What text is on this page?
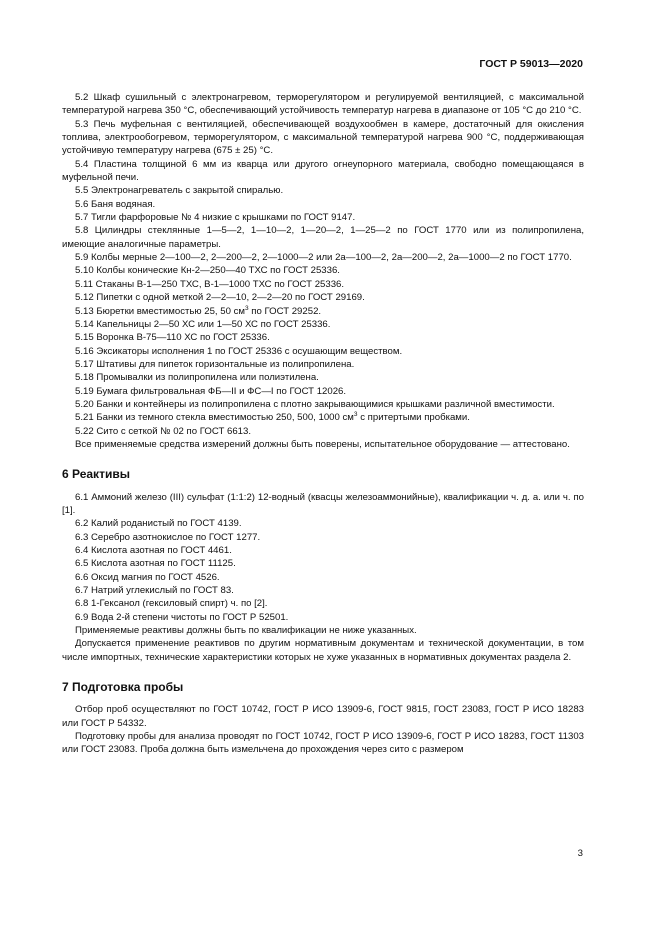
ГОСТ Р 59013—2020

5.2 Шкаф сушильный с электронагревом, терморегулятором и регулируемой вентиляцией, с максимальной температурой нагрева 350 °С, обеспечивающий устойчивость температур нагрева в диапазоне от 105 °С до 210 °С.

5.3 Печь муфельная с вентиляцией, обеспечивающей воздухообмен в камере, достаточный для окисления топлива, электрообогревом, терморегулятором, с максимальной температурой нагрева 900 °С, поддерживающая устойчивую температуру нагрева (675 ± 25) °С.

5.4 Пластина толщиной 6 мм из кварца или другого огнеупорного материала, свободно помещающаяся в муфельной печи.

5.5 Электронагреватель с закрытой спиралью.

5.6 Баня водяная.

5.7 Тигли фарфоровые № 4 низкие с крышками по ГОСТ 9147.

5.8 Цилиндры стеклянные 1—5—2, 1—10—2, 1—20—2, 1—25—2 по ГОСТ 1770 или из полипропилена, имеющие аналогичные параметры.

5.9 Колбы мерные 2—100—2, 2—200—2, 2—1000—2 или 2а—100—2, 2а—200—2, 2а—1000—2 по ГОСТ 1770.

5.10 Колбы конические Кн-2—250—40 ТХС по ГОСТ 25336.

5.11 Стаканы В-1—250 ТХС, В-1—1000 ТХС по ГОСТ 25336.

5.12 Пипетки с одной меткой 2—2—10, 2—2—20 по ГОСТ 29169.

5.13 Бюретки вместимостью 25, 50 $см^3$ по ГОСТ 29252.

5.14 Капельницы 2—50 ХС или 1—50 ХС по ГОСТ 25336.

5.15 Воронка В-75—110 ХС по ГОСТ 25336.

5.16 Эксикаторы исполнения 1 по ГОСТ 25336 с осушающим веществом.

5.17 Штативы для пипеток горизонтальные из полипропилена.

5.18 Промывалки из полипропилена или полиэтилена.

5.19 Бумага фильтровальная ФБ—II и ФС—I по ГОСТ 12026.

5.20 Банки и контейнеры из полипропилена с плотно закрывающимися крышками различной вместимости.

5.21 Банки из темного стекла вместимостью 250, 500, 1000 $см^3$ с притертыми пробками.

5.22 Сито с сеткой № 02 по ГОСТ 6613.

Все применяемые средства измерений должны быть поверены, испытательное оборудование — аттестовано.

6 Реактивы

6.1 Аммоний железо (III) сульфат (1:1:2) 12-водный (квасцы железоаммонийные), квалификации ч. д. а. или ч. по [1].

6.2 Калий роданистый по ГОСТ 4139.

6.3 Серебро азотнокислое по ГОСТ 1277.

6.4 Кислота азотная по ГОСТ 4461.

6.5 Кислота азотная по ГОСТ 11125.

6.6 Оксид магния по ГОСТ 4526.

6.7 Натрий углекислый по ГОСТ 83.

6.8 1-Гексанол (гексиловый спирт) ч. по [2].

6.9 Вода 2-й степени чистоты по ГОСТ Р 52501.

Применяемые реактивы должны быть по квалификации не ниже указанных.

Допускается применение реактивов по другим нормативным документам и технической документации, в том числе импортных, технические характеристики которых не хуже указанных в нормативных документах раздела 2.

7 Подготовка пробы

Отбор проб осуществляют по ГОСТ 10742, ГОСТ Р ИСО 13909-6, ГОСТ 9815, ГОСТ 23083, ГОСТ Р ИСО 18283 или ГОСТ Р 54332.

Подготовку пробы для анализа проводят по ГОСТ 10742, ГОСТ Р ИСО 13909-6, ГОСТ Р ИСО 18283, ГОСТ 11303 или ГОСТ 23083. Проба должна быть измельчена до прохождения через сито с размером

3
